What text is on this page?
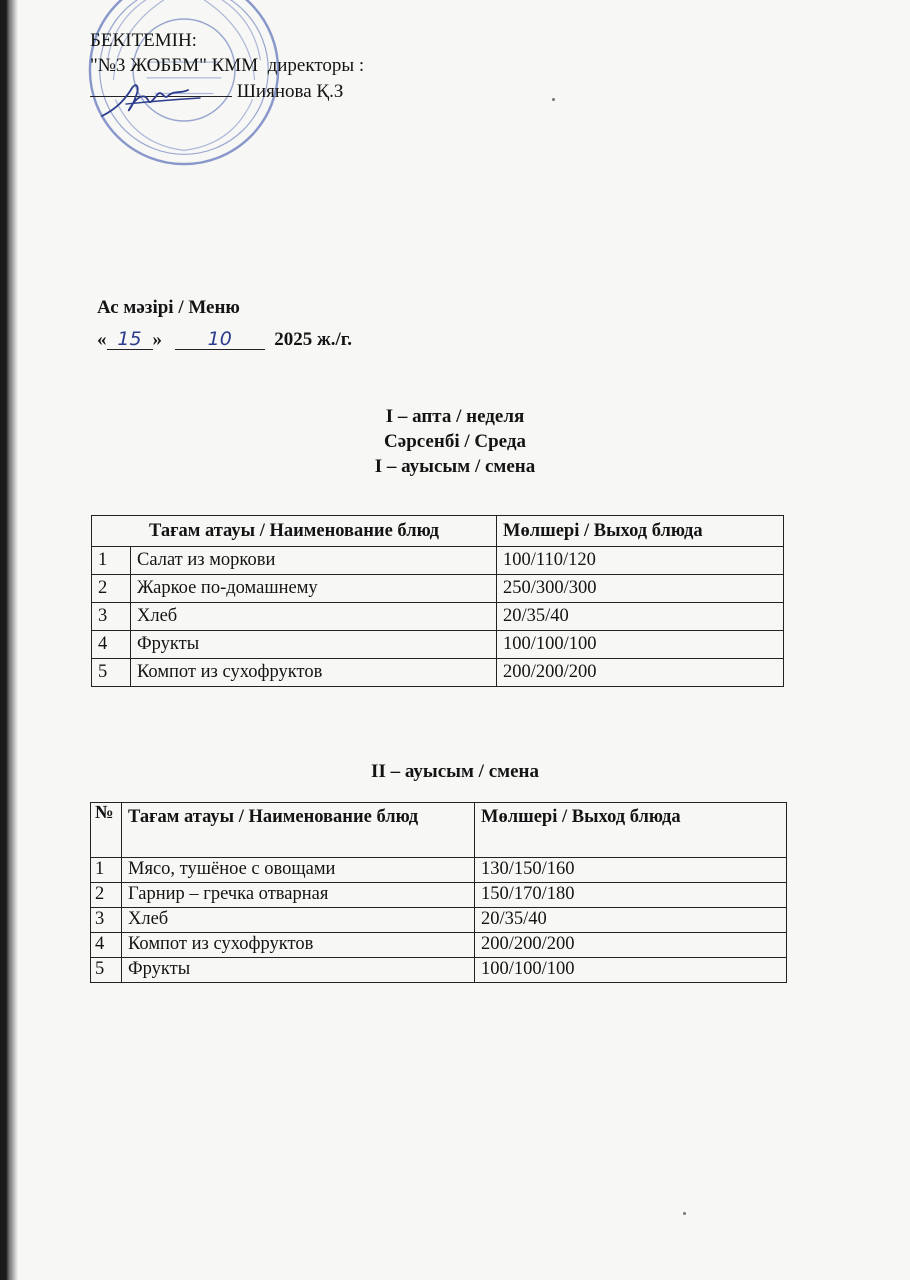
БЕКІТЕМІН:
"№3 ЖОББМ" КММ  директоры :
Шиянова Қ.З
Ас мәзірі / Меню
« 15 » 10 2025 ж./г.
I – апта / неделя
Сәрсенбі / Среда
I – ауысым / смена
Тағам атауы / Наименование блюд		Мөлшері / Выход блюда
1	Салат из моркови	100/110/120
2	Жаркое по-домашнему	250/300/300
3	Хлеб	20/35/40
4	Фрукты	100/100/100
5	Компот из сухофруктов	200/200/200
II – ауысым / смена
№	Тағам атауы / Наименование блюд	Мөлшері / Выход блюда
1	Мясо, тушёное с овощами	130/150/160
2	Гарнир – гречка отварная	150/170/180
3	Хлеб	20/35/40
4	Компот из сухофруктов	200/200/200
5	Фрукты	100/100/100
